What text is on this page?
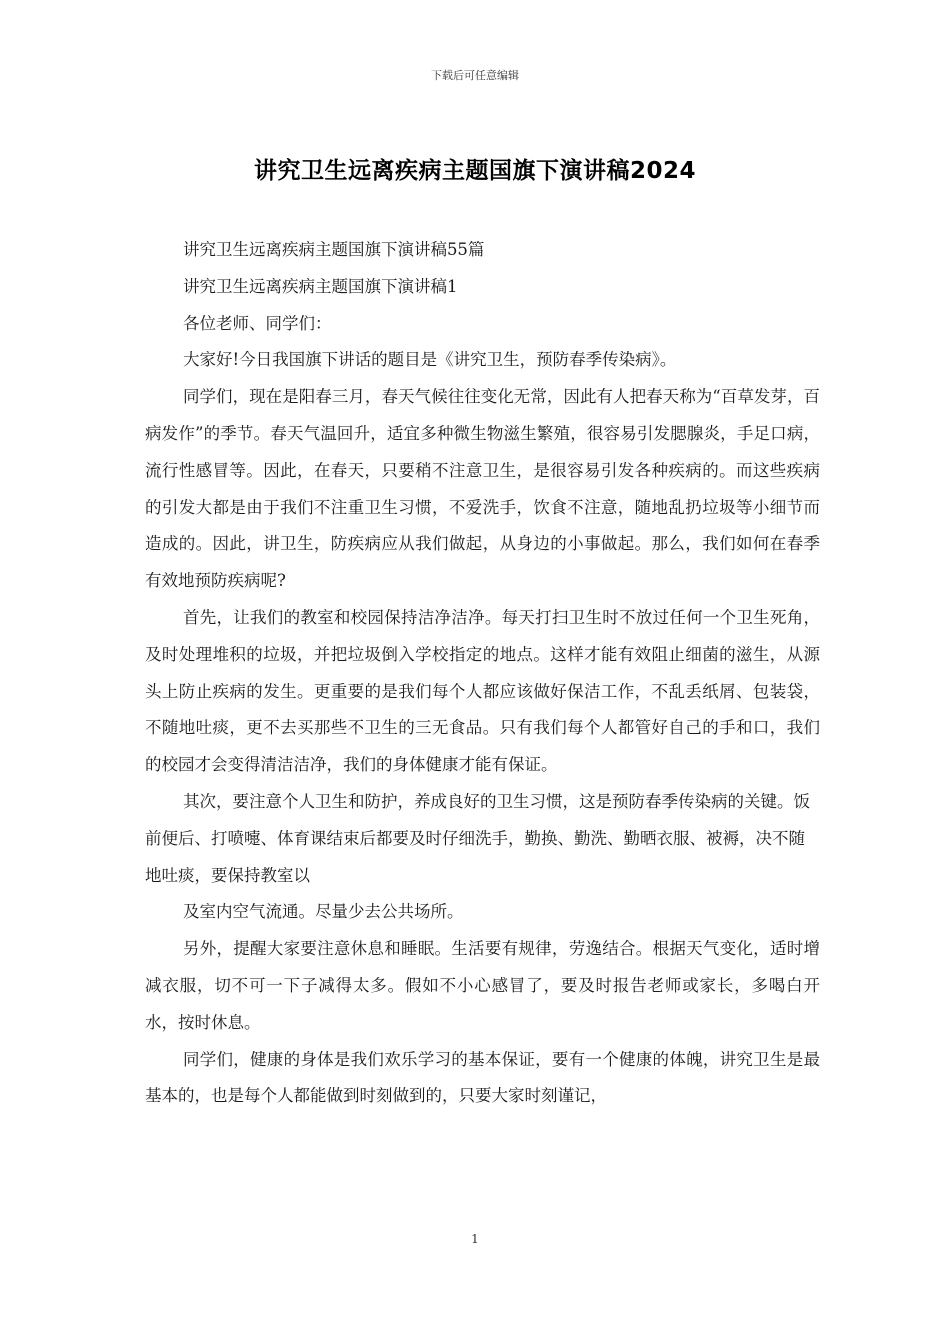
下载后可任意编辑
讲究卫生远离疾病主题国旗下演讲稿2024

讲究卫生远离疾病主题国旗下演讲稿55篇

讲究卫生远离疾病主题国旗下演讲稿1

各位老师、同学们：

大家好!今日我国旗下讲话的题目是《讲究卫生，预防春季传染病》。

同学们，现在是阳春三月，春天气候往往变化无常，因此有人把春天称为“百草发芽，百病发作”的季节。春天气温回升，适宜多种微生物滋生繁殖，很容易引发腮腺炎，手足口病，流行性感冒等。因此，在春天，只要稍不注意卫生，是很容易引发各种疾病的。而这些疾病的引发大都是由于我们不注重卫生习惯，不爱洗手，饮食不注意，随地乱扔垃圾等小细节而造成的。因此，讲卫生，防疾病应从我们做起，从身边的小事做起。那么，我们如何在春季有效地预防疾病呢?

首先，让我们的教室和校园保持洁净洁净。每天打扫卫生时不放过任何一个卫生死角，及时处理堆积的垃圾，并把垃圾倒入学校指定的地点。这样才能有效阻止细菌的滋生，从源头上防止疾病的发生。更重要的是我们每个人都应该做好保洁工作，不乱丢纸屑、包装袋，不随地吐痰，更不去买那些不卫生的三无食品。只有我们每个人都管好自己的手和口，我们的校园才会变得清洁洁净，我们的身体健康才能有保证。

其次，要注意个人卫生和防护，养成良好的卫生习惯，这是预防春季传染病的关键。饭前便后、打喷嚏、体育课结束后都要及时仔细洗手，勤换、勤洗、勤晒衣服、被褥，决不随地吐痰，要保持教室以

及室内空气流通。尽量少去公共场所。

另外，提醒大家要注意休息和睡眠。生活要有规律，劳逸结合。根据天气变化，适时增减衣服，切不可一下子减得太多。假如不小心感冒了，要及时报告老师或家长，多喝白开水，按时休息。

同学们，健康的身体是我们欢乐学习的基本保证，要有一个健康的体魄，讲究卫生是最基本的，也是每个人都能做到时刻做到的，只要大家时刻谨记，

1
